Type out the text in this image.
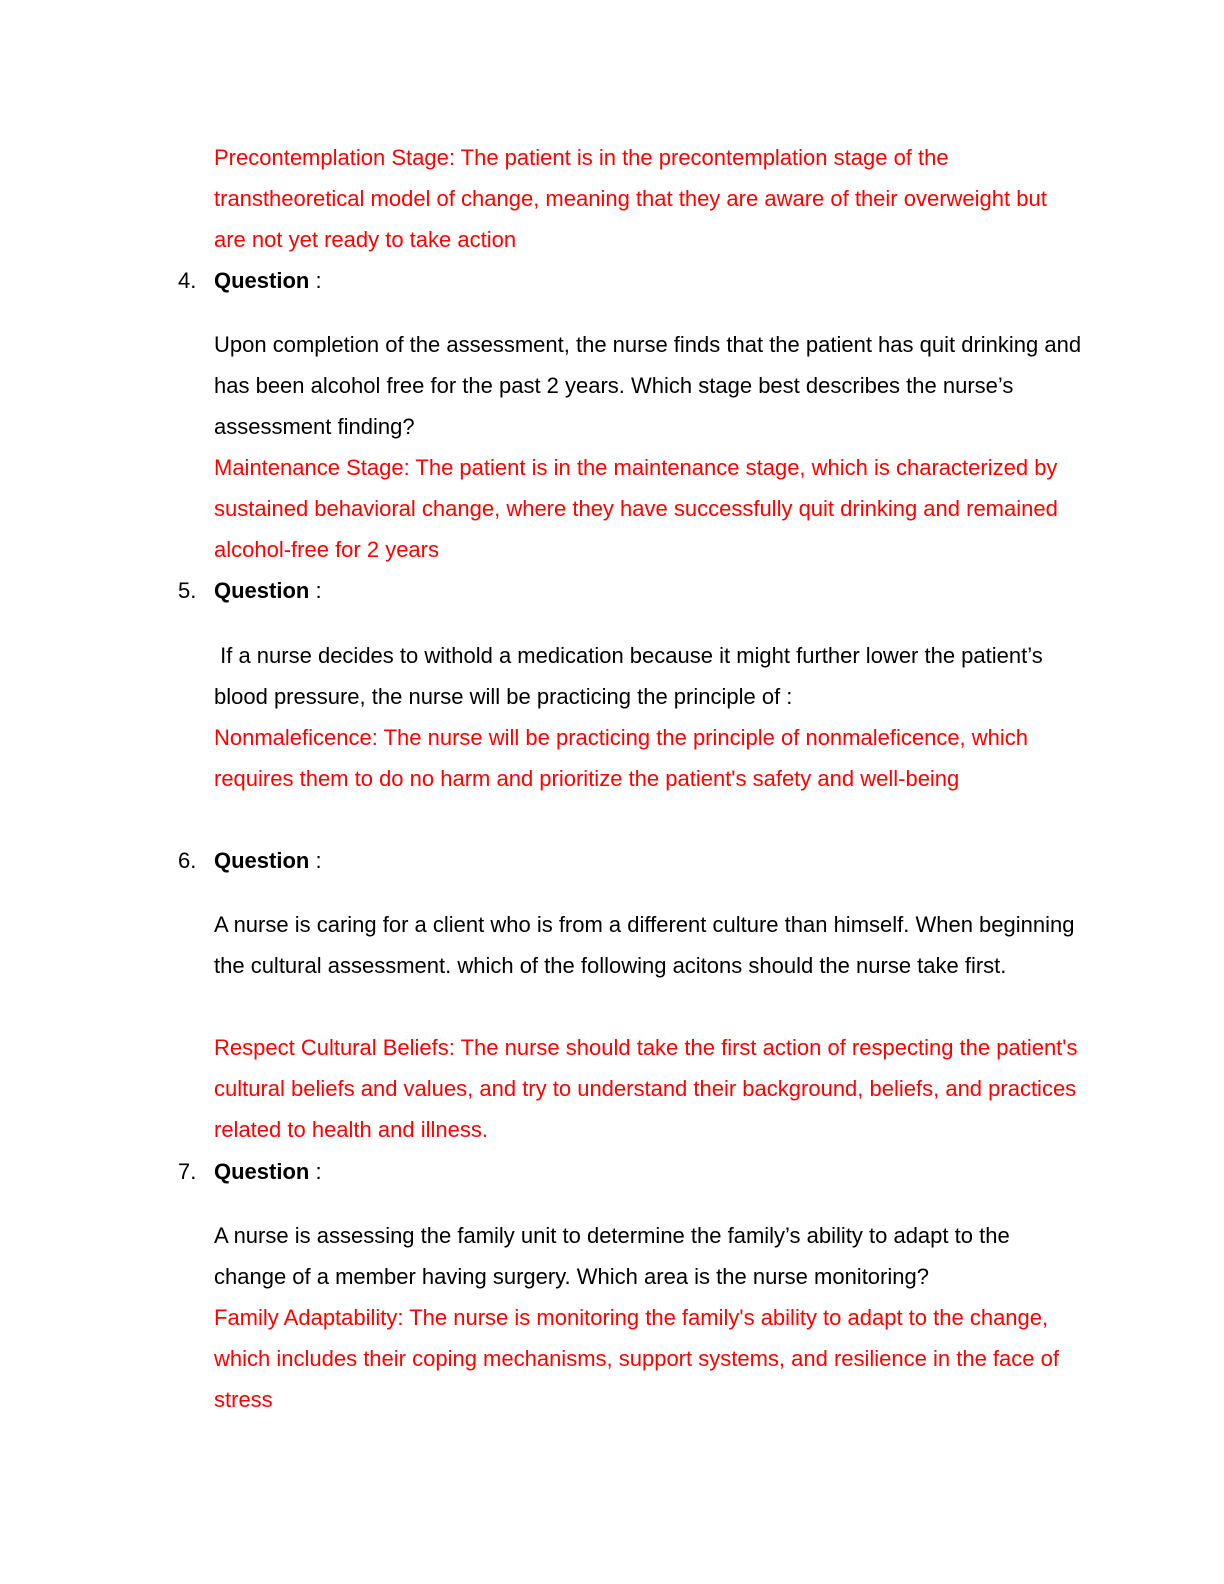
Precontemplation Stage: The patient is in the precontemplation stage of the transtheoretical model of change, meaning that they are aware of their overweight but are not yet ready to take action

4. Question :

Upon completion of the assessment, the nurse finds that the patient has quit drinking and has been alcohol free for the past 2 years. Which stage best describes the nurse’s assessment finding?

Maintenance Stage: The patient is in the maintenance stage, which is characterized by sustained behavioral change, where they have successfully quit drinking and remained alcohol-free for 2 years

5. Question :

If a nurse decides to withold a medication because it might further lower the patient’s blood pressure, the nurse will be practicing the principle of :

Nonmaleficence: The nurse will be practicing the principle of nonmaleficence, which requires them to do no harm and prioritize the patient's safety and well-being

6. Question :

A nurse is caring for a client who is from a different culture than himself. When beginning the cultural assessment. which of the following acitons should the nurse take first.

Respect Cultural Beliefs: The nurse should take the first action of respecting the patient's cultural beliefs and values, and try to understand their background, beliefs, and practices related to health and illness.

7. Question :

A nurse is assessing the family unit to determine the family’s ability to adapt to the change of a member having surgery. Which area is the nurse monitoring?

Family Adaptability: The nurse is monitoring the family's ability to adapt to the change, which includes their coping mechanisms, support systems, and resilience in the face of stress
